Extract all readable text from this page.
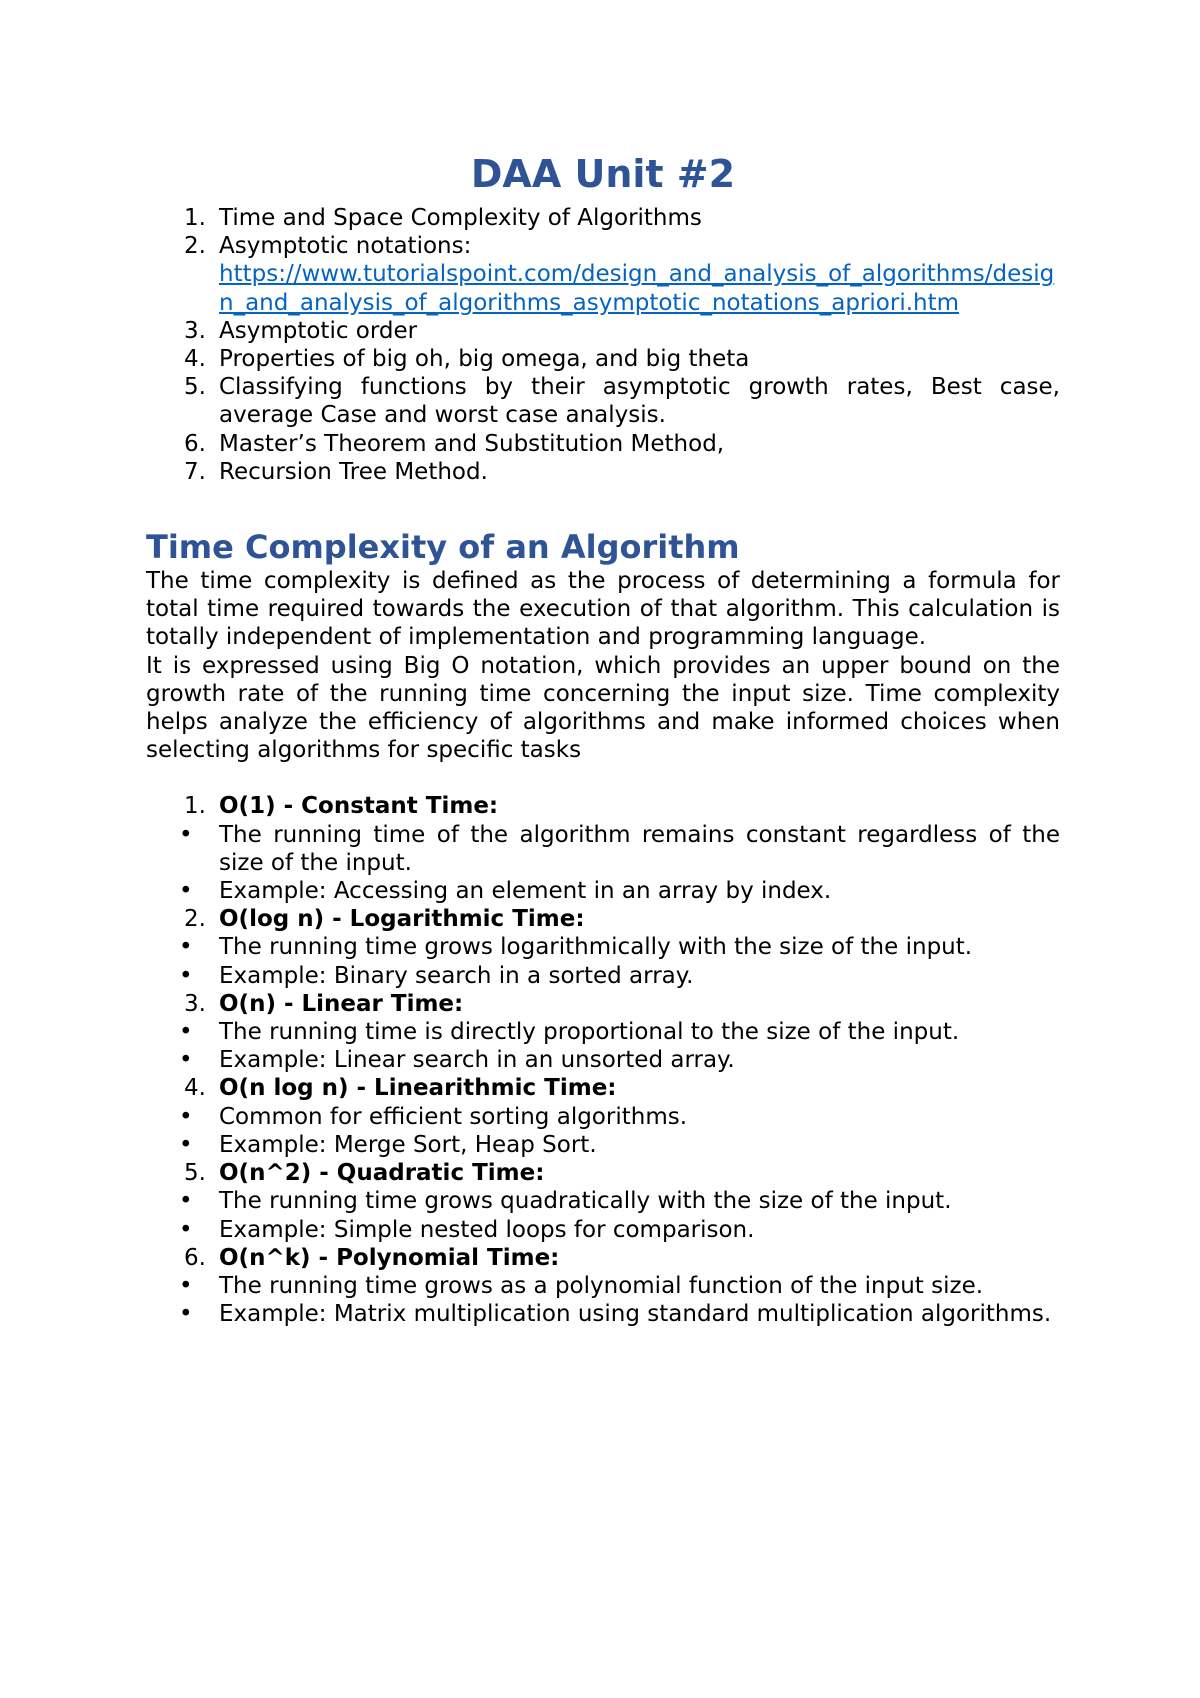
DAA Unit #2
1. Time and Space Complexity of Algorithms
2. Asymptotic notations:
https://www.tutorialspoint.com/design_and_analysis_of_algorithms/design_and_analysis_of_algorithms_asymptotic_notations_apriori.htm
3. Asymptotic order
4. Properties of big oh, big omega, and big theta
5. Classifying functions by their asymptotic growth rates, Best case, average Case and worst case analysis.
6. Master’s Theorem and Substitution Method,
7. Recursion Tree Method.
Time Complexity of an Algorithm

The time complexity is defined as the process of determining a formula for total time required towards the execution of that algorithm. This calculation is totally independent of implementation and programming language.

It is expressed using Big O notation, which provides an upper bound on the growth rate of the running time concerning the input size. Time complexity helps analyze the efficiency of algorithms and make informed choices when selecting algorithms for specific tasks

1. O(1) - Constant Time:
• The running time of the algorithm remains constant regardless of the size of the input.
• Example: Accessing an element in an array by index.
2. O(log n) - Logarithmic Time:
• The running time grows logarithmically with the size of the input.
• Example: Binary search in a sorted array.
3. O(n) - Linear Time:
• The running time is directly proportional to the size of the input.
• Example: Linear search in an unsorted array.
4. O(n log n) - Linearithmic Time:
• Common for efficient sorting algorithms.
• Example: Merge Sort, Heap Sort.
5. O(n^2) - Quadratic Time:
• The running time grows quadratically with the size of the input.
• Example: Simple nested loops for comparison.
6. O(n^k) - Polynomial Time:
• The running time grows as a polynomial function of the input size.
• Example: Matrix multiplication using standard multiplication algorithms.
